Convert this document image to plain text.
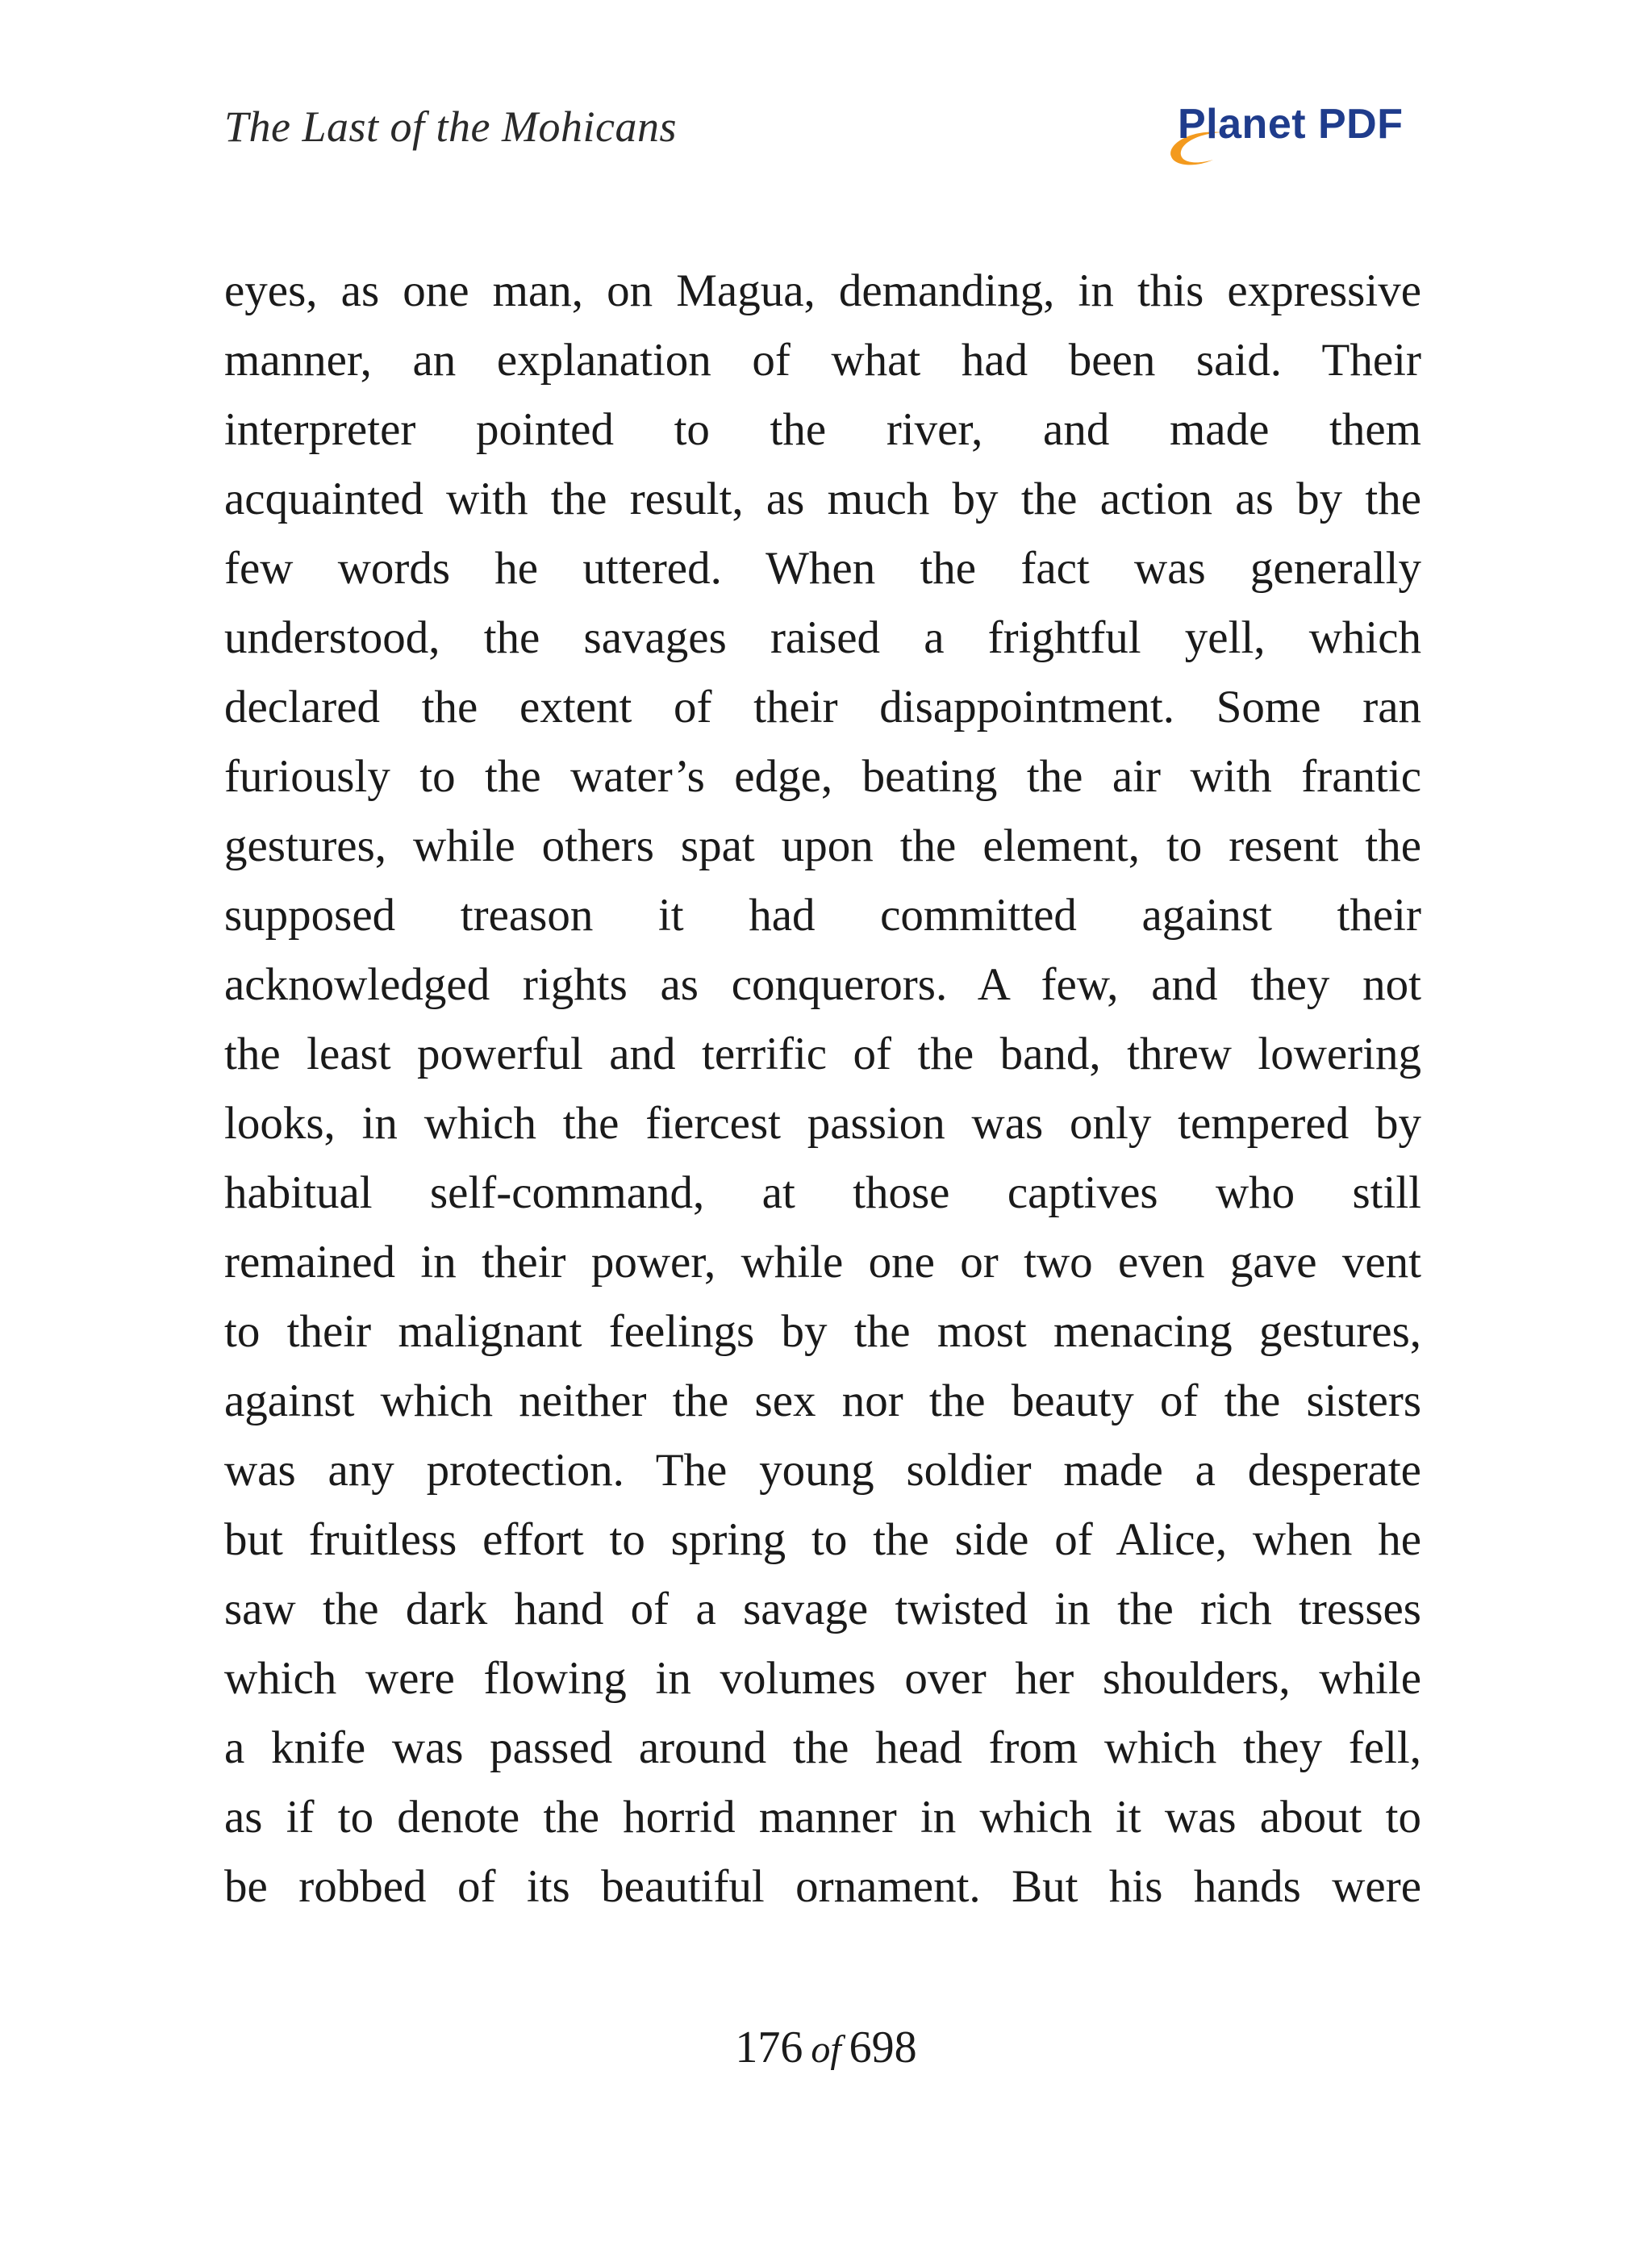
The Last of the Mohicans	Planet PDF
eyes, as one man, on Magua, demanding, in this expressive
manner, an explanation of what had been said. Their
interpreter pointed to the river, and made them
acquainted with the result, as much by the action as by the
few words he uttered. When the fact was generally
understood, the savages raised a frightful yell, which
declared the extent of their disappointment. Some ran
furiously to the water’s edge, beating the air with frantic
gestures, while others spat upon the element, to resent the
supposed treason it had committed against their
acknowledged rights as conquerors. A few, and they not
the least powerful and terrific of the band, threw lowering
looks, in which the fiercest passion was only tempered by
habitual self-command, at those captives who still
remained in their power, while one or two even gave vent
to their malignant feelings by the most menacing gestures,
against which neither the sex nor the beauty of the sisters
was any protection. The young soldier made a desperate
but fruitless effort to spring to the side of Alice, when he
saw the dark hand of a savage twisted in the rich tresses
which were flowing in volumes over her shoulders, while
a knife was passed around the head from which they fell,
as if to denote the horrid manner in which it was about to
be robbed of its beautiful ornament. But his hands were
176 of 698
